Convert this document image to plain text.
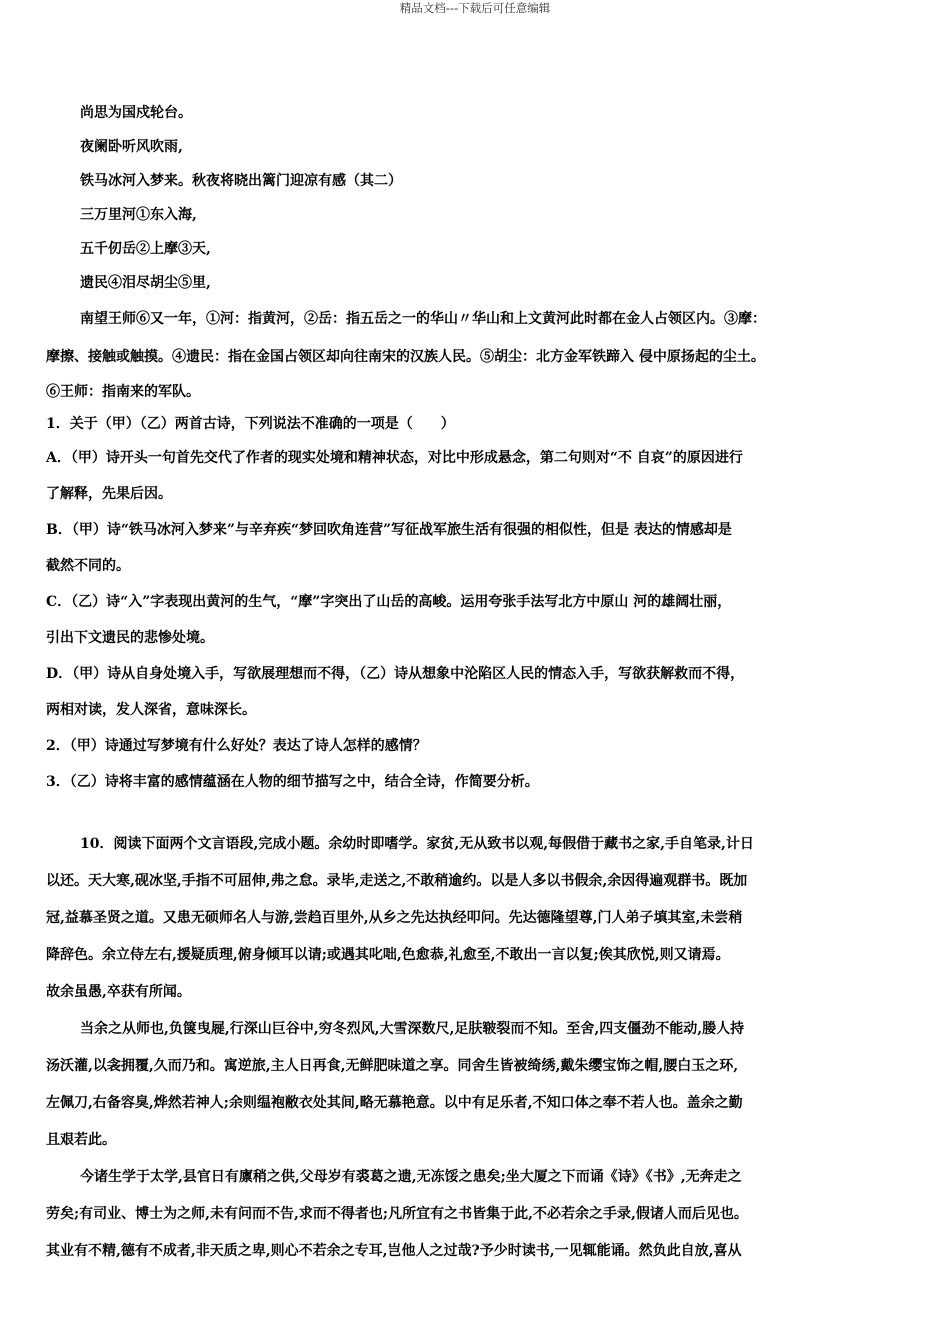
精品文档---下载后可任意编辑
尚思为国戍轮台。
夜阑卧听风吹雨,
铁马冰河入梦来。秋夜将晓出篱门迎凉有感（其二）
三万里河①东入海,
五千仞岳②上摩③天,
遗民④泪尽胡尘⑤里,
南望王师⑥又一年，①河：指黄河，②岳：指五岳之一的华山〃华山和上文黄河此时都在金人占领区内。③摩：
摩擦、接触或触摸。④遗民：指在金国占领区却向往南宋的汉族人民。⑤胡尘：北方金军铁蹄入 侵中原扬起的尘土。
⑥王师：指南来的军队。
1．关于（甲）（乙）两首古诗，下列说法不准确的一项是（　　）
A．（甲）诗开头一句首先交代了作者的现实处境和精神状态，对比中形成悬念，第二句则对“不 自哀”的原因进行
了解释，先果后因。
B．（甲）诗“铁马冰河入梦来”与辛弃疾“梦回吹角连营”写征战军旅生活有很强的相似性，但是 表达的情感却是
截然不同的。
C．（乙）诗“入”字表现出黄河的生气，“摩”字突出了山岳的高峻。运用夸张手法写北方中原山 河的雄阔壮丽，
引出下文遗民的悲惨处境。
D．（甲）诗从自身处境入手，写欲展理想而不得，（乙）诗从想象中沦陷区人民的情态入手，写欲获解救而不得，
两相对读，发人深省，意味深长。
2．（甲）诗通过写梦境有什么好处？表达了诗人怎样的感情？
3．（乙）诗将丰富的感情蕴涵在人物的细节描写之中，结合全诗，作简要分析。
10．阅读下面两个文言语段,完成小题。余幼时即嗜学。家贫,无从致书以观,每假借于藏书之家,手自笔录,计日
以还。天大寒,砚冰坚,手指不可屈伸,弗之怠。录毕,走送之,不敢稍逾约。以是人多以书假余,余因得遍观群书。既加
冠,益慕圣贤之道。又患无硕师名人与游,尝趋百里外,从乡之先达执经叩问。先达德隆望尊,门人弟子填其室,未尝稍
降辞色。余立侍左右,援疑质理,俯身倾耳以请;或遇其叱咄,色愈恭,礼愈至,不敢出一言以复;俟其欣悦,则又请焉。
故余虽愚,卒获有所闻。
当余之从师也,负箧曳屣,行深山巨谷中,穷冬烈风,大雪深数尺,足肤皲裂而不知。至舍,四支僵劲不能动,媵人持
汤沃灌,以衾拥覆,久而乃和。寓逆旅,主人日再食,无鲜肥味道之享。同舍生皆被绮绣,戴朱缨宝饰之帽,腰白玉之环,
左佩刀,右备容臭,烨然若神人;余则缊袍敝衣处其间,略无慕艳意。以中有足乐者,不知口体之奉不若人也。盖余之勤
且艰若此。
今诸生学于太学,县官日有廪稍之供,父母岁有裘葛之遗,无冻馁之患矣;坐大厦之下而诵《诗》《书》,无奔走之
劳矣;有司业、博士为之师,未有问而不告,求而不得者也;凡所宜有之书皆集于此,不必若余之手录,假诸人而后见也。
其业有不精,德有不成者,非天质之卑,则心不若余之专耳,岂他人之过哉?予少时读书,一见辄能诵。然负此自放,喜从
